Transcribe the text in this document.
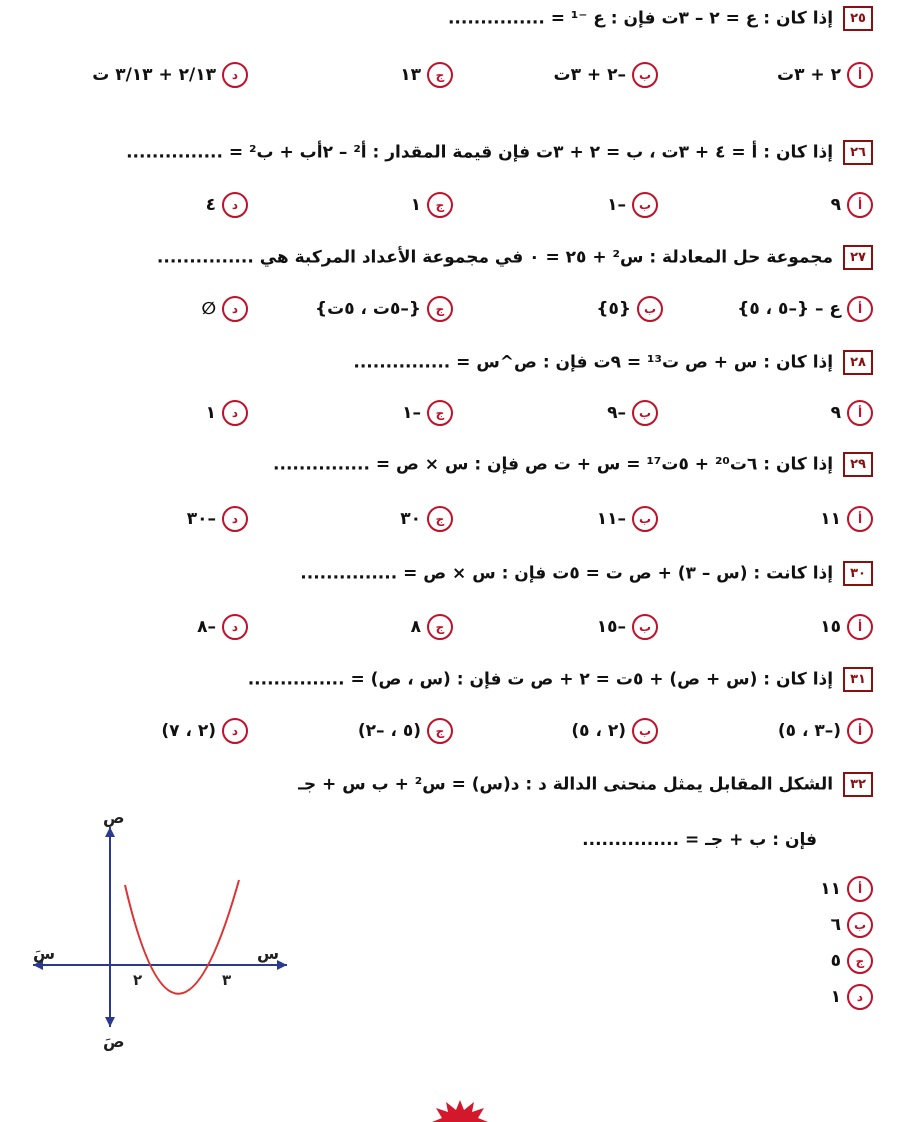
٢٥ إذا كان : ع = ٢ – ٣ت فإن : ع ⁻¹ = ...............
أ٢ + ٣ت
ب–٢ + ٣ت
ج١٣
د٢/١٣ + ٣/١٣ ت
٢٦ إذا كان : أ = ٤ + ٣ت ، ب = ٢ + ٣ت فإن قيمة المقدار : أ² – ٢أب + ب² = ...............
أ٩
ب–١
ج١
د٤
٢٧ مجموعة حل المعادلة : س² + ٢٥ = ٠ في مجموعة الأعداد المركبة هي ...............
أع – {–٥ ، ٥}
ب{٥}
ج{–٥ت ، ٥ت}
د∅
٢٨ إذا كان : س + ص ت¹³ = ٩ت فإن : ص^س = ...............
أ٩
ب–٩
ج–١
د١
٢٩ إذا كان : ٦ت²⁰ + ٥ت¹⁷ = س + ت ص فإن : س × ص = ...............
أ١١
ب–١١
ج٣٠
د–٣٠
٣٠ إذا كانت : (س – ٣) + ص ت = ٥ت فإن : س × ص = ...............
أ١٥
ب–١٥
ج٨
د–٨
٣١ إذا كان : (س + ص) + ٥ت = ٢ + ص ت فإن : (س ، ص) = ...............
أ(–٣ ، ٥)
ب(٢ ، ٥)
ج(٥ ، –٢)
د(٢ ، ٧)
٣٢ الشكل المقابل يمثل منحنى الدالة د : د(س) = س² + ب س + جـ
فإن : ب + جـ = ...............
أ١١
ب٦
ج٥
د١
ص
صَ
س
سَ
٢	٣
